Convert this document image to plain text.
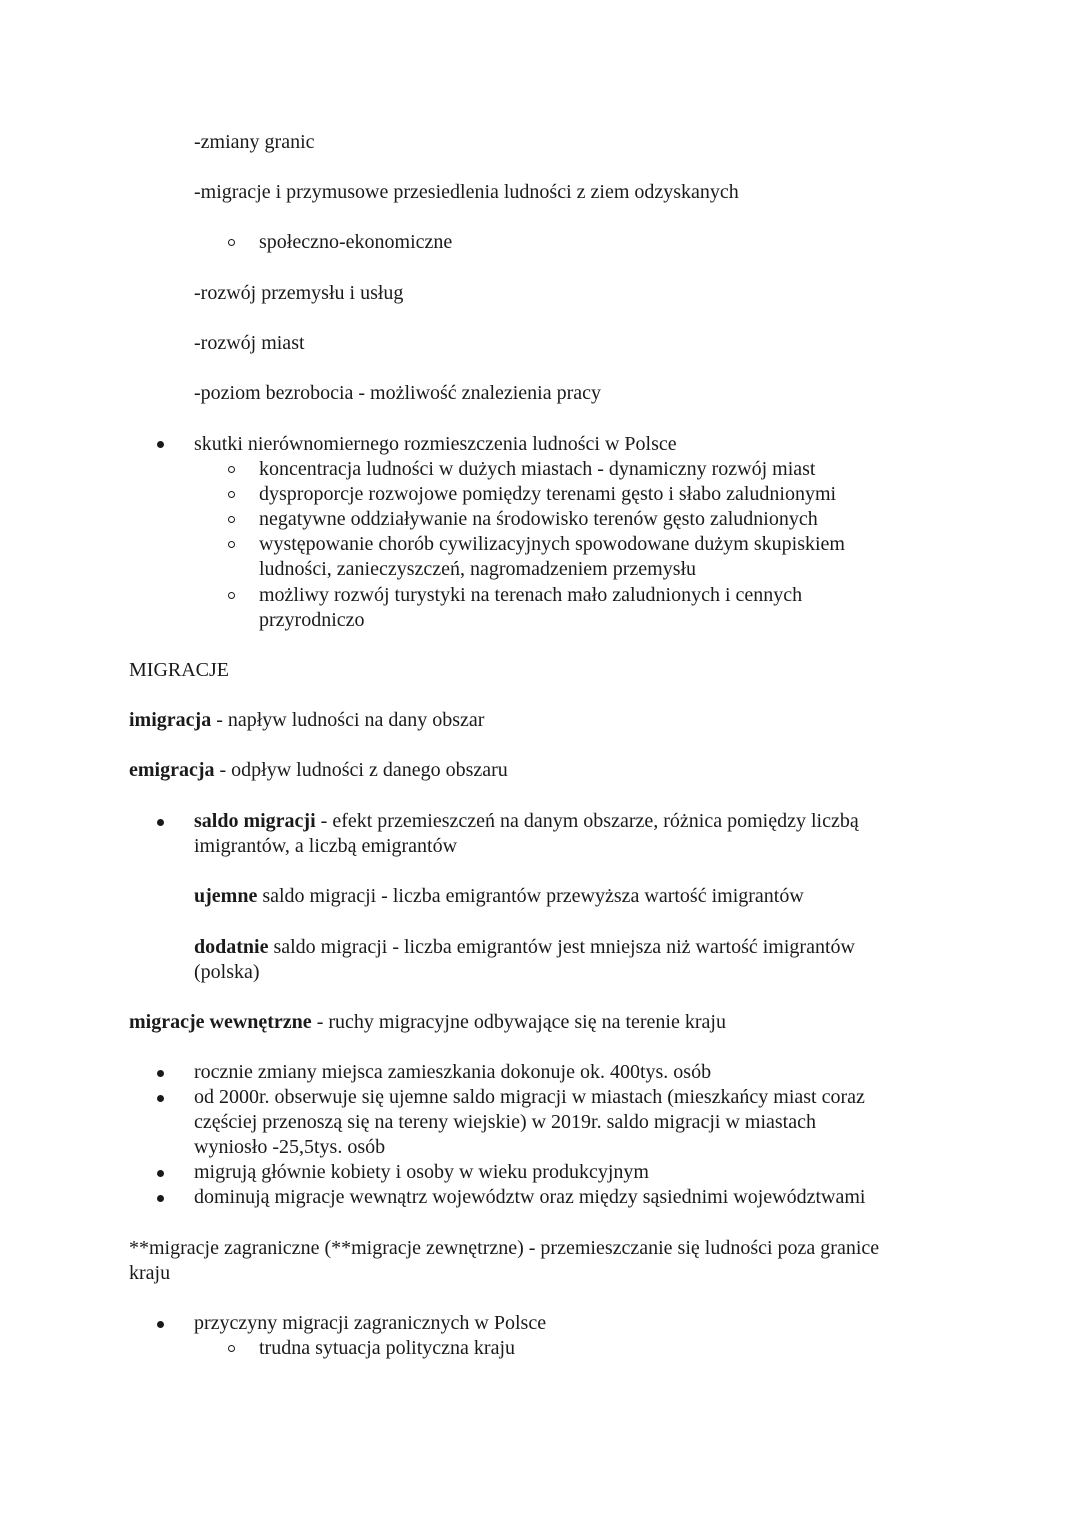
-zmiany granic
-migracje i przymusowe przesiedlenia ludności z ziem odzyskanych
społeczno-ekonomiczne
-rozwój przemysłu i usług
-rozwój miast
-poziom bezrobocia - możliwość znalezienia pracy
skutki nierównomiernego rozmieszczenia ludności w Polsce
koncentracja ludności w dużych miastach - dynamiczny rozwój miast
dysproporcje rozwojowe pomiędzy terenami gęsto i słabo zaludnionymi
negatywne oddziaływanie na środowisko terenów gęsto zaludnionych
występowanie chorób cywilizacyjnych spowodowane dużym skupiskiem
ludności, zanieczyszczeń, nagromadzeniem przemysłu
możliwy rozwój turystyki na terenach mało zaludnionych i cennych
przyrodniczo
MIGRACJE
imigracja - napływ ludności na dany obszar
emigracja - odpływ ludności z danego obszaru
saldo migracji - efekt przemieszczeń na danym obszarze, różnica pomiędzy liczbą
imigrantów, a liczbą emigrantów
ujemne saldo migracji - liczba emigrantów przewyższa wartość imigrantów
dodatnie saldo migracji - liczba emigrantów jest mniejsza niż wartość imigrantów
(polska)
migracje wewnętrzne - ruchy migracyjne odbywające się na terenie kraju
rocznie zmiany miejsca zamieszkania dokonuje ok. 400tys. osób
od 2000r. obserwuje się ujemne saldo migracji w miastach (mieszkańcy miast coraz
częściej przenoszą się na tereny wiejskie) w 2019r. saldo migracji w miastach
wyniosło -25,5tys. osób
migrują głównie kobiety i osoby w wieku produkcyjnym
dominują migracje wewnątrz województw oraz między sąsiednimi województwami
**migracje zagraniczne (**migracje zewnętrzne) - przemieszczanie się ludności poza granice
kraju
przyczyny migracji zagranicznych w Polsce
trudna sytuacja polityczna kraju
